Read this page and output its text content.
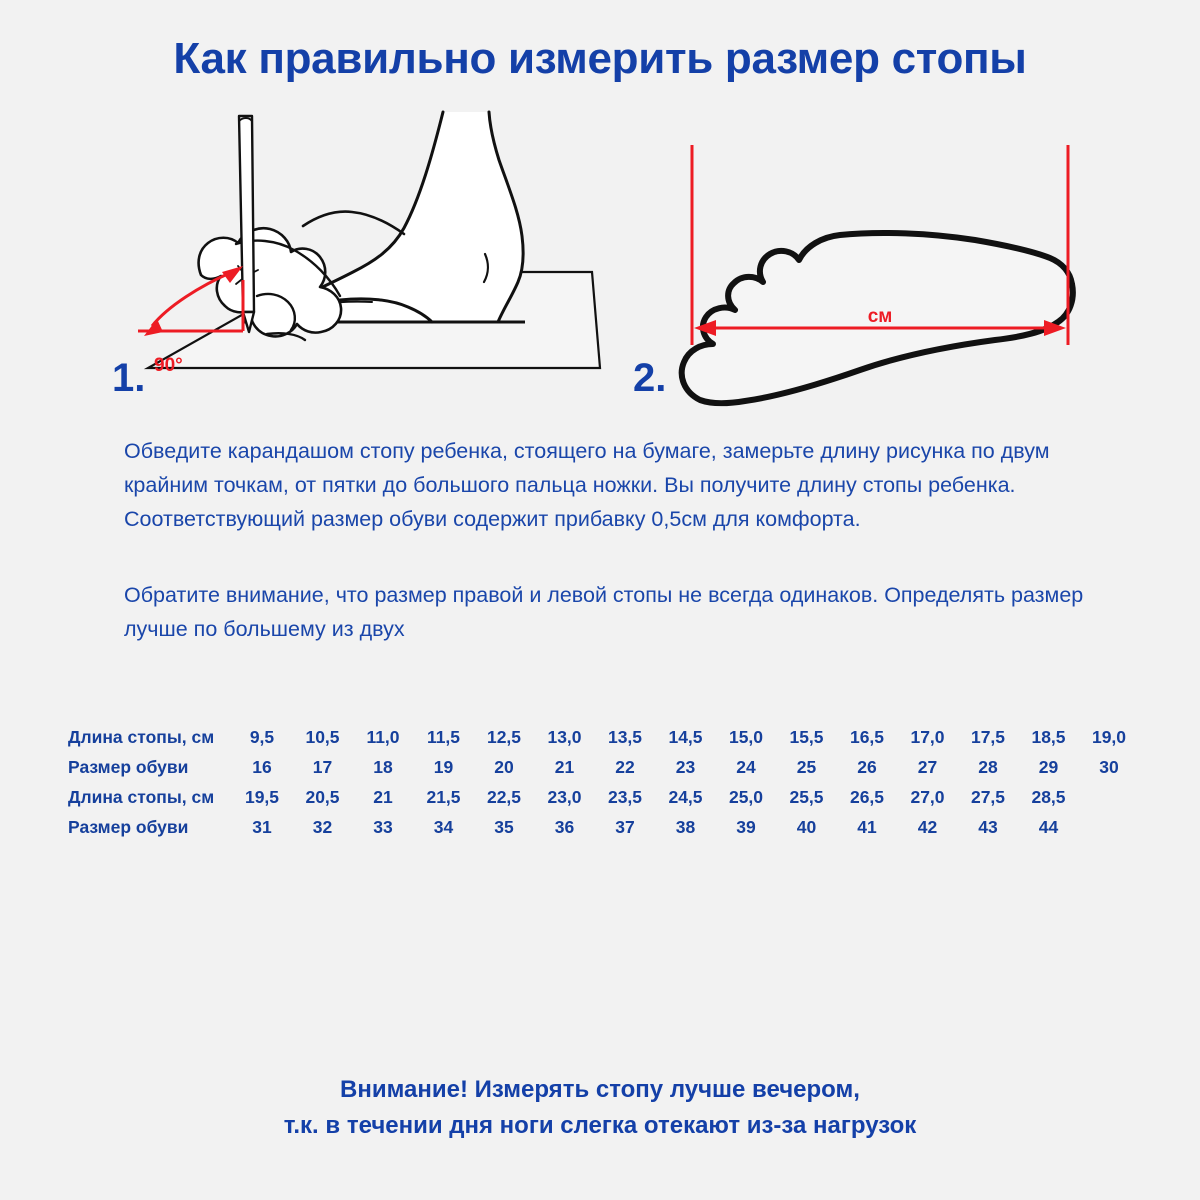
Как правильно измерить размер стопы
см
1.	2.
90°
Обведите карандашом стопу ребенка, стоящего на бумаге, замерьте длину рисунка по двум крайним точкам, от пятки до большого пальца ножки. Вы получите длину стопы ребенка. Соответствующий размер обуви содержит прибавку 0,5см для комфорта.
Обратите внимание, что размер правой и левой стопы не всегда одинаков. Определять размер лучше по большему из двух
Длина стопы, см	9,5	10,5	11,0	11,5	12,5	13,0	13,5	14,5	15,0	15,5	16,5	17,0	17,5	18,5	19,0
Размер обуви	16	17	18	19	20	21	22	23	24	25	26	27	28	29	30
Длина стопы, см	19,5	20,5	21	21,5	22,5	23,0	23,5	24,5	25,0	25,5	26,5	27,0	27,5	28,5
Размер обуви	31	32	33	34	35	36	37	38	39	40	41	42	43	44
Внимание! Измерять стопу лучше вечером,
т.к. в течении дня ноги слегка отекают из-за нагрузок
